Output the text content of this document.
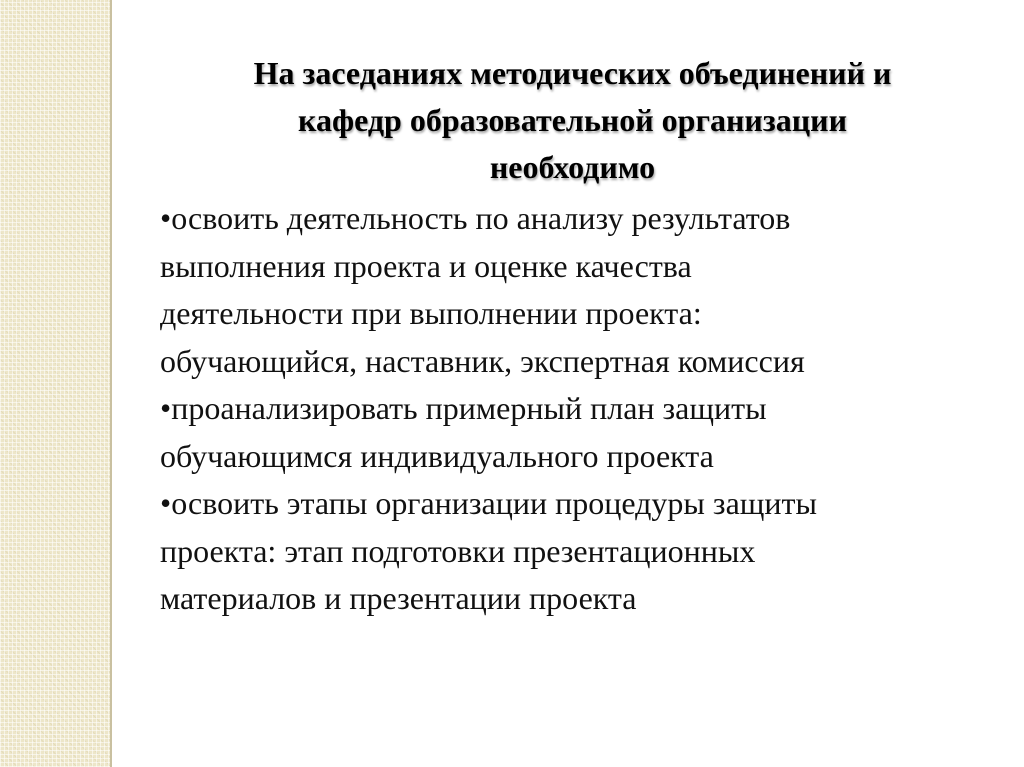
На заседаниях методических объединений и
кафедр образовательной организации
необходимо
•освоить деятельность по анализу результатов
выполнения проекта и оценке качества
деятельности при выполнении проекта:
обучающийся, наставник, экспертная комиссия
•проанализировать примерный план защиты
обучающимся индивидуального проекта
•освоить этапы организации процедуры защиты
проекта: этап подготовки презентационных
материалов и презентации проекта
